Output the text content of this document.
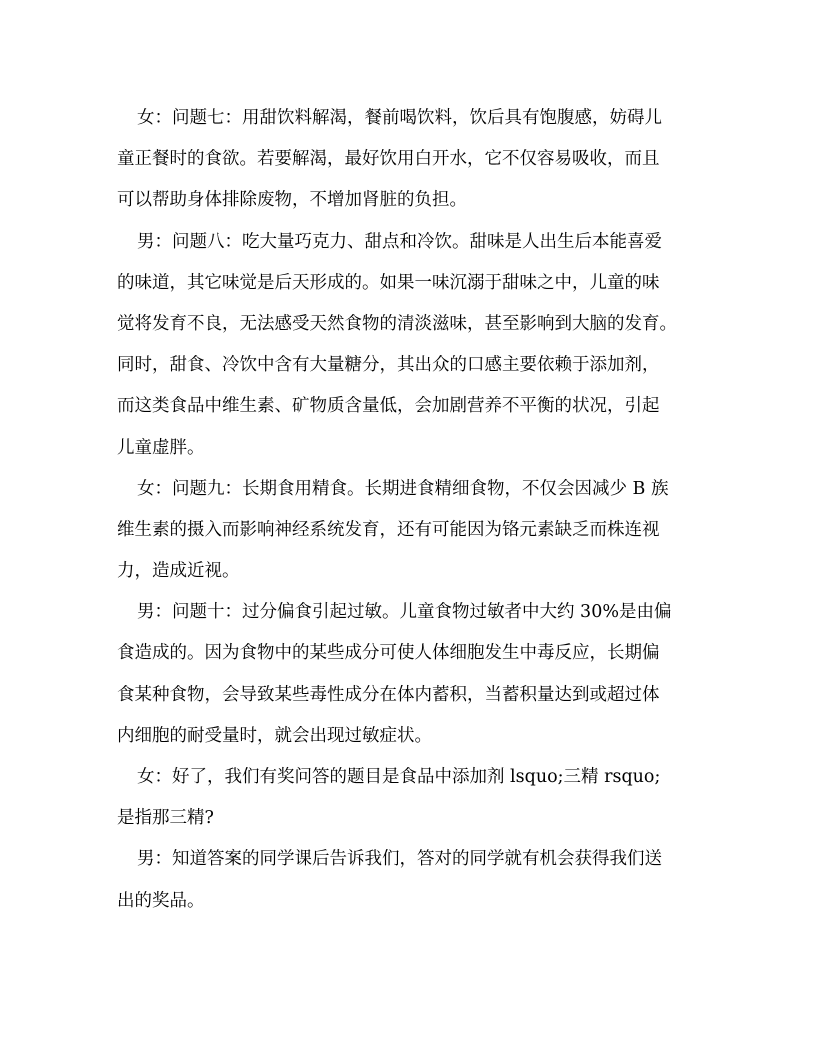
女：问题七：用甜饮料解渴，餐前喝饮料，饮后具有饱腹感，妨碍儿
童正餐时的食欲。若要解渴，最好饮用白开水，它不仅容易吸收，而且
可以帮助身体排除废物，不增加肾脏的负担。

男：问题八：吃大量巧克力、甜点和冷饮。甜味是人出生后本能喜爱
的味道，其它味觉是后天形成的。如果一味沉溺于甜味之中，儿童的味
觉将发育不良，无法感受天然食物的清淡滋味，甚至影响到大脑的发育。
同时，甜食、冷饮中含有大量糖分，其出众的口感主要依赖于添加剂，
而这类食品中维生素、矿物质含量低，会加剧营养不平衡的状况，引起
儿童虚胖。

女：问题九：长期食用精食。长期进食精细食物，不仅会因减少 B 族
维生素的摄入而影响神经系统发育，还有可能因为铬元素缺乏而株连视
力，造成近视。

男：问题十：过分偏食引起过敏。儿童食物过敏者中大约 30%是由偏
食造成的。因为食物中的某些成分可使人体细胞发生中毒反应，长期偏
食某种食物，会导致某些毒性成分在体内蓄积，当蓄积量达到或超过体
内细胞的耐受量时，就会出现过敏症状。

女：好了，我们有奖问答的题目是食品中添加剂 lsquo;三精 rsquo;
是指那三精?

男：知道答案的同学课后告诉我们，答对的同学就有机会获得我们送
出的奖品。
